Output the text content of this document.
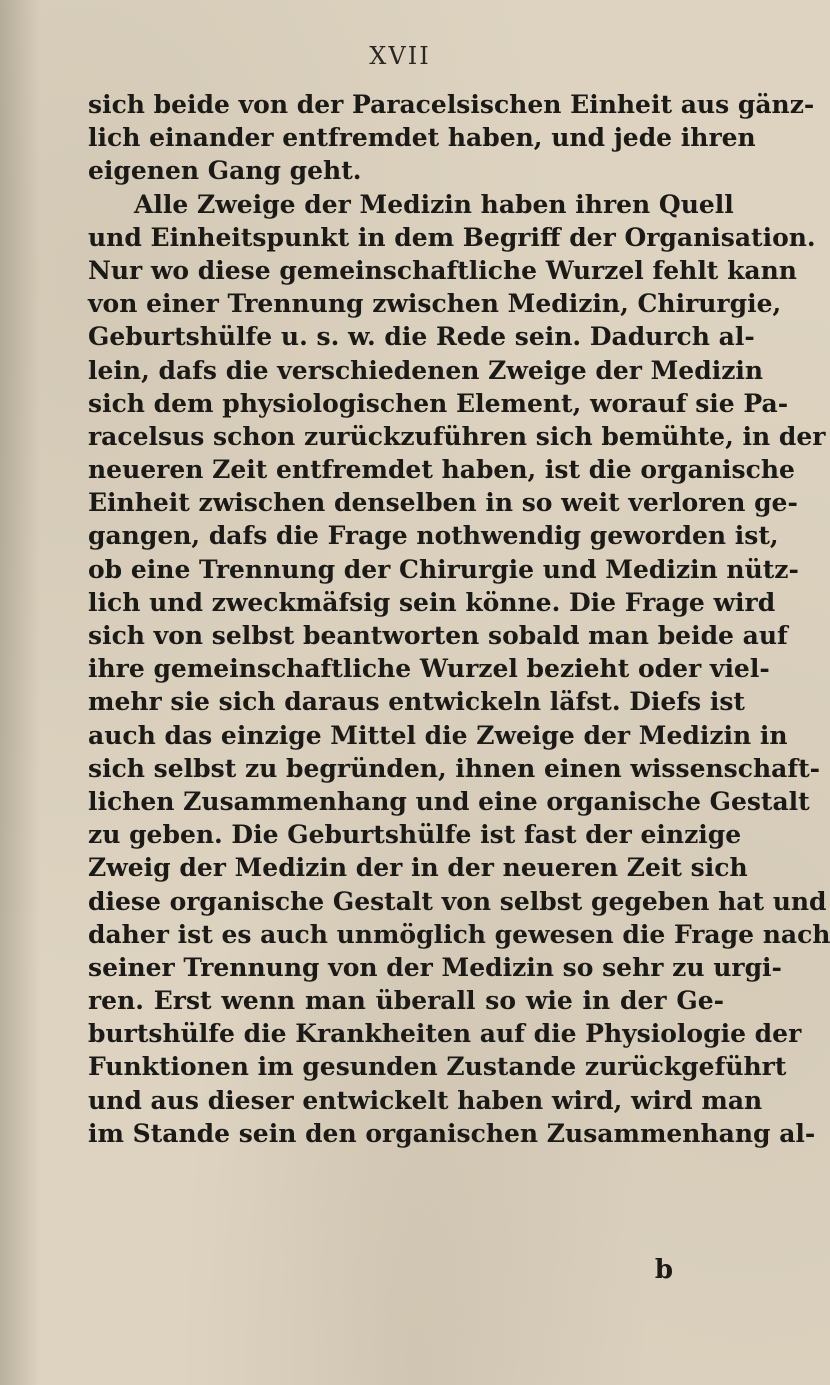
XVII
sich beide von der Paracelsischen Einheit aus gänz-
lich einander entfremdet haben, und jede ihren
eigenen Gang geht.
Alle Zweige der Medizin haben ihren Quell
und Einheitspunkt in dem Begriff der Organisation.
Nur wo diese gemeinschaftliche Wurzel fehlt kann
von einer Trennung zwischen Medizin, Chirurgie,
Geburtshülfe u. s. w. die Rede sein. Dadurch al-
lein, dafs die verschiedenen Zweige der Medizin
sich dem physiologischen Element, worauf sie Pa-
racelsus schon zurückzuführen sich bemühte, in der
neueren Zeit entfremdet haben, ist die organische
Einheit zwischen denselben in so weit verloren ge-
gangen, dafs die Frage nothwendig geworden ist,
ob eine Trennung der Chirurgie und Medizin nütz-
lich und zweckmäfsig sein könne. Die Frage wird
sich von selbst beantworten sobald man beide auf
ihre gemeinschaftliche Wurzel bezieht oder viel-
mehr sie sich daraus entwickeln läfst. Diefs ist
auch das einzige Mittel die Zweige der Medizin in
sich selbst zu begründen, ihnen einen wissenschaft-
lichen Zusammenhang und eine organische Gestalt
zu geben. Die Geburtshülfe ist fast der einzige
Zweig der Medizin der in der neueren Zeit sich
diese organische Gestalt von selbst gegeben hat und
daher ist es auch unmöglich gewesen die Frage nach
seiner Trennung von der Medizin so sehr zu urgi-
ren. Erst wenn man überall so wie in der Ge-
burtshülfe die Krankheiten auf die Physiologie der
Funktionen im gesunden Zustande zurückgeführt
und aus dieser entwickelt haben wird, wird man
im Stande sein den organischen Zusammenhang al-
b
